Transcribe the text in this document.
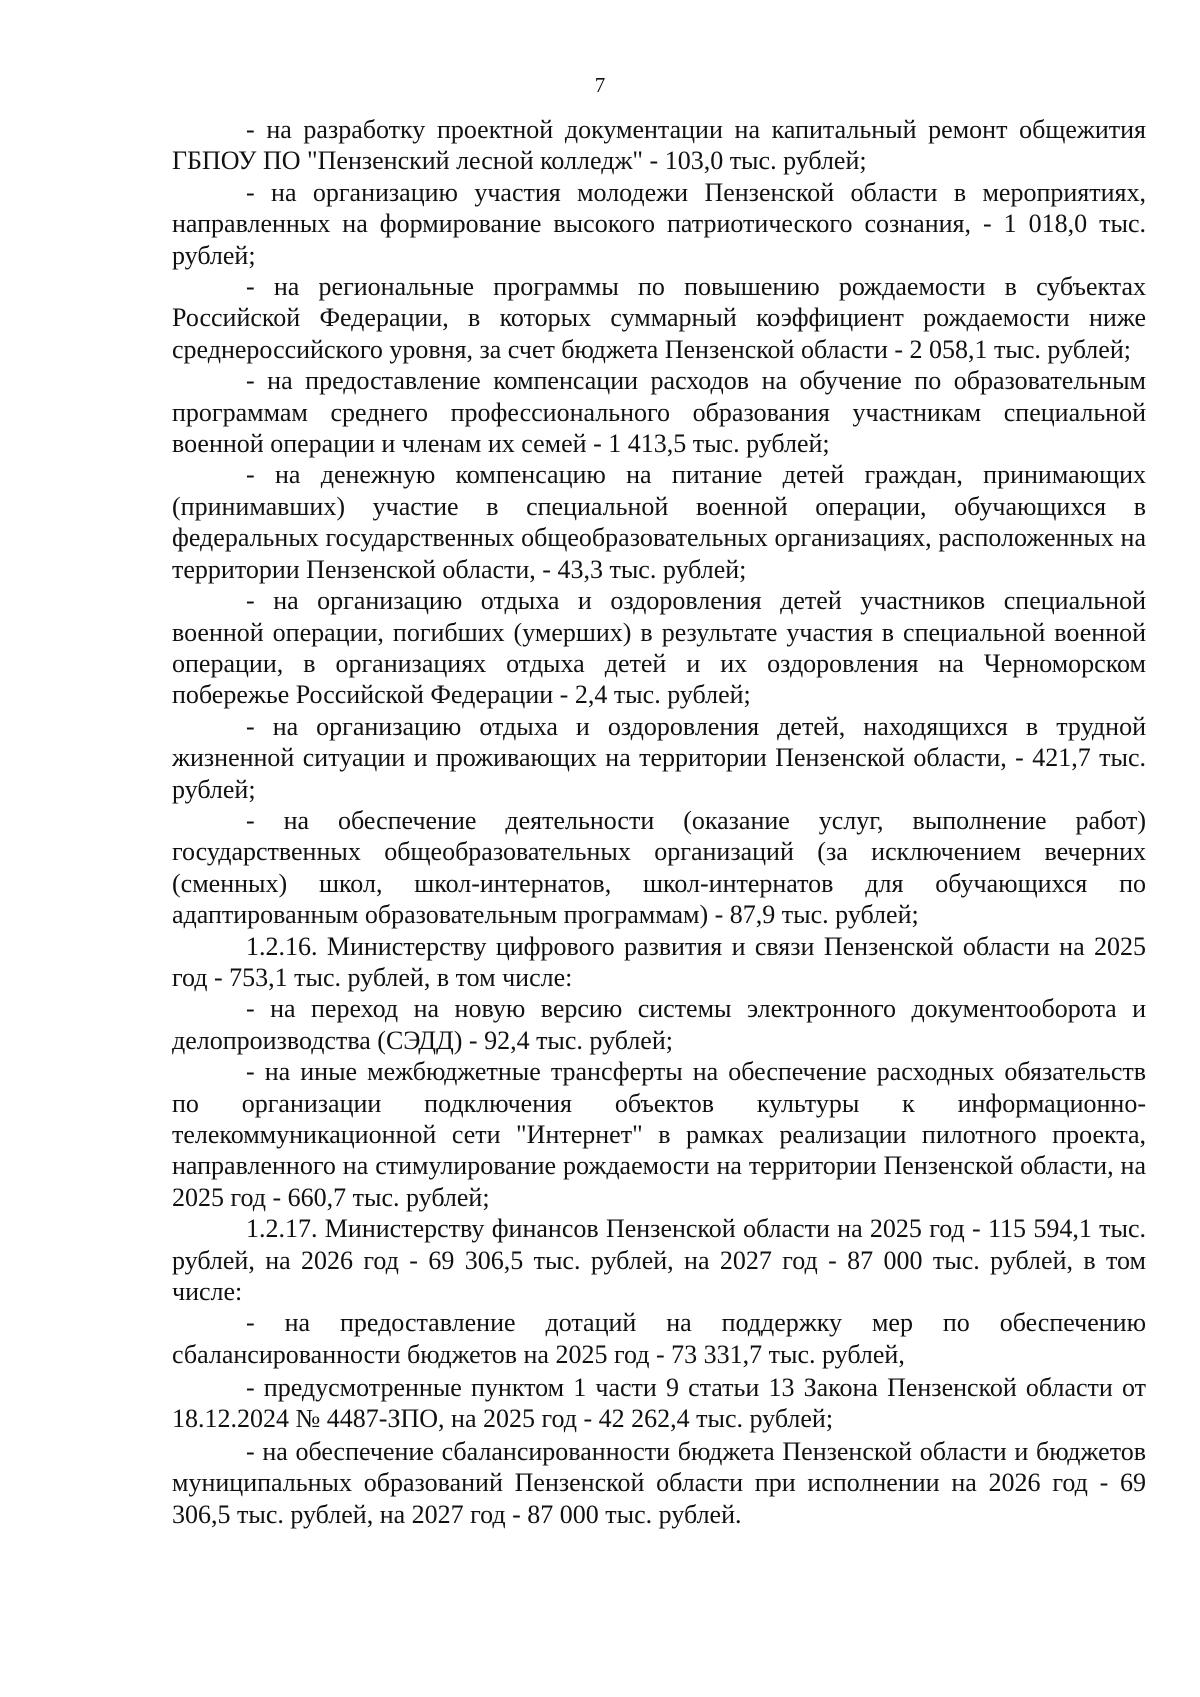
7

- на разработку проектной документации на капитальный ремонт общежития ГБПОУ ПО "Пензенский лесной колледж" - 103,0 тыс. рублей;

- на организацию участия молодежи Пензенской области в мероприятиях, направленных на формирование высокого патриотического сознания, - 1 018,0 тыс. рублей;

- на региональные программы по повышению рождаемости в субъектах Российской Федерации, в которых суммарный коэффициент рождаемости ниже среднероссийского уровня, за счет бюджета Пензенской области - 2 058,1 тыс. рублей;

- на предоставление компенсации расходов на обучение по образовательным программам среднего профессионального образования участникам специальной военной операции и членам их семей - 1 413,5 тыс. рублей;

- на денежную компенсацию на питание детей граждан, принимающих (принимавших) участие в специальной военной операции, обучающихся в федеральных государственных общеобразовательных организациях, расположенных на территории Пензенской области, - 43,3 тыс. рублей;

- на организацию отдыха и оздоровления детей участников специальной военной операции, погибших (умерших) в результате участия в специальной военной операции, в организациях отдыха детей и их оздоровления на Черноморском побережье Российской Федерации - 2,4 тыс. рублей;

- на организацию отдыха и оздоровления детей, находящихся в трудной жизненной ситуации и проживающих на территории Пензенской области, - 421,7 тыс. рублей;

- на обеспечение деятельности (оказание услуг, выполнение работ) государственных общеобразовательных организаций (за исключением вечерних (сменных) школ, школ-интернатов, школ-интернатов для обучающихся по адаптированным образовательным программам) - 87,9 тыс. рублей;

1.2.16. Министерству цифрового развития и связи Пензенской области на 2025 год - 753,1 тыс. рублей, в том числе:

- на переход на новую версию системы электронного документооборота и делопроизводства (СЭДД) - 92,4 тыс. рублей;

- на иные межбюджетные трансферты на обеспечение расходных обязательств по организации подключения объектов культуры к информационно-телекоммуникационной сети "Интернет" в рамках реализации пилотного проекта, направленного на стимулирование рождаемости на территории Пензенской области, на 2025 год - 660,7 тыс. рублей;

1.2.17. Министерству финансов Пензенской области на 2025 год - 115 594,1 тыс. рублей, на 2026 год - 69 306,5 тыс. рублей, на 2027 год - 87 000 тыс. рублей, в том числе:

- на предоставление дотаций на поддержку мер по обеспечению сбалансированности бюджетов на 2025 год - 73 331,7 тыс. рублей,

- предусмотренные пунктом 1 части 9 статьи 13 Закона Пензенской области от 18.12.2024 № 4487-ЗПО, на 2025 год - 42 262,4 тыс. рублей;

- на обеспечение сбалансированности бюджета Пензенской области и бюджетов муниципальных образований Пензенской области при исполнении на 2026 год - 69 306,5 тыс. рублей, на 2027 год - 87 000 тыс. рублей.
